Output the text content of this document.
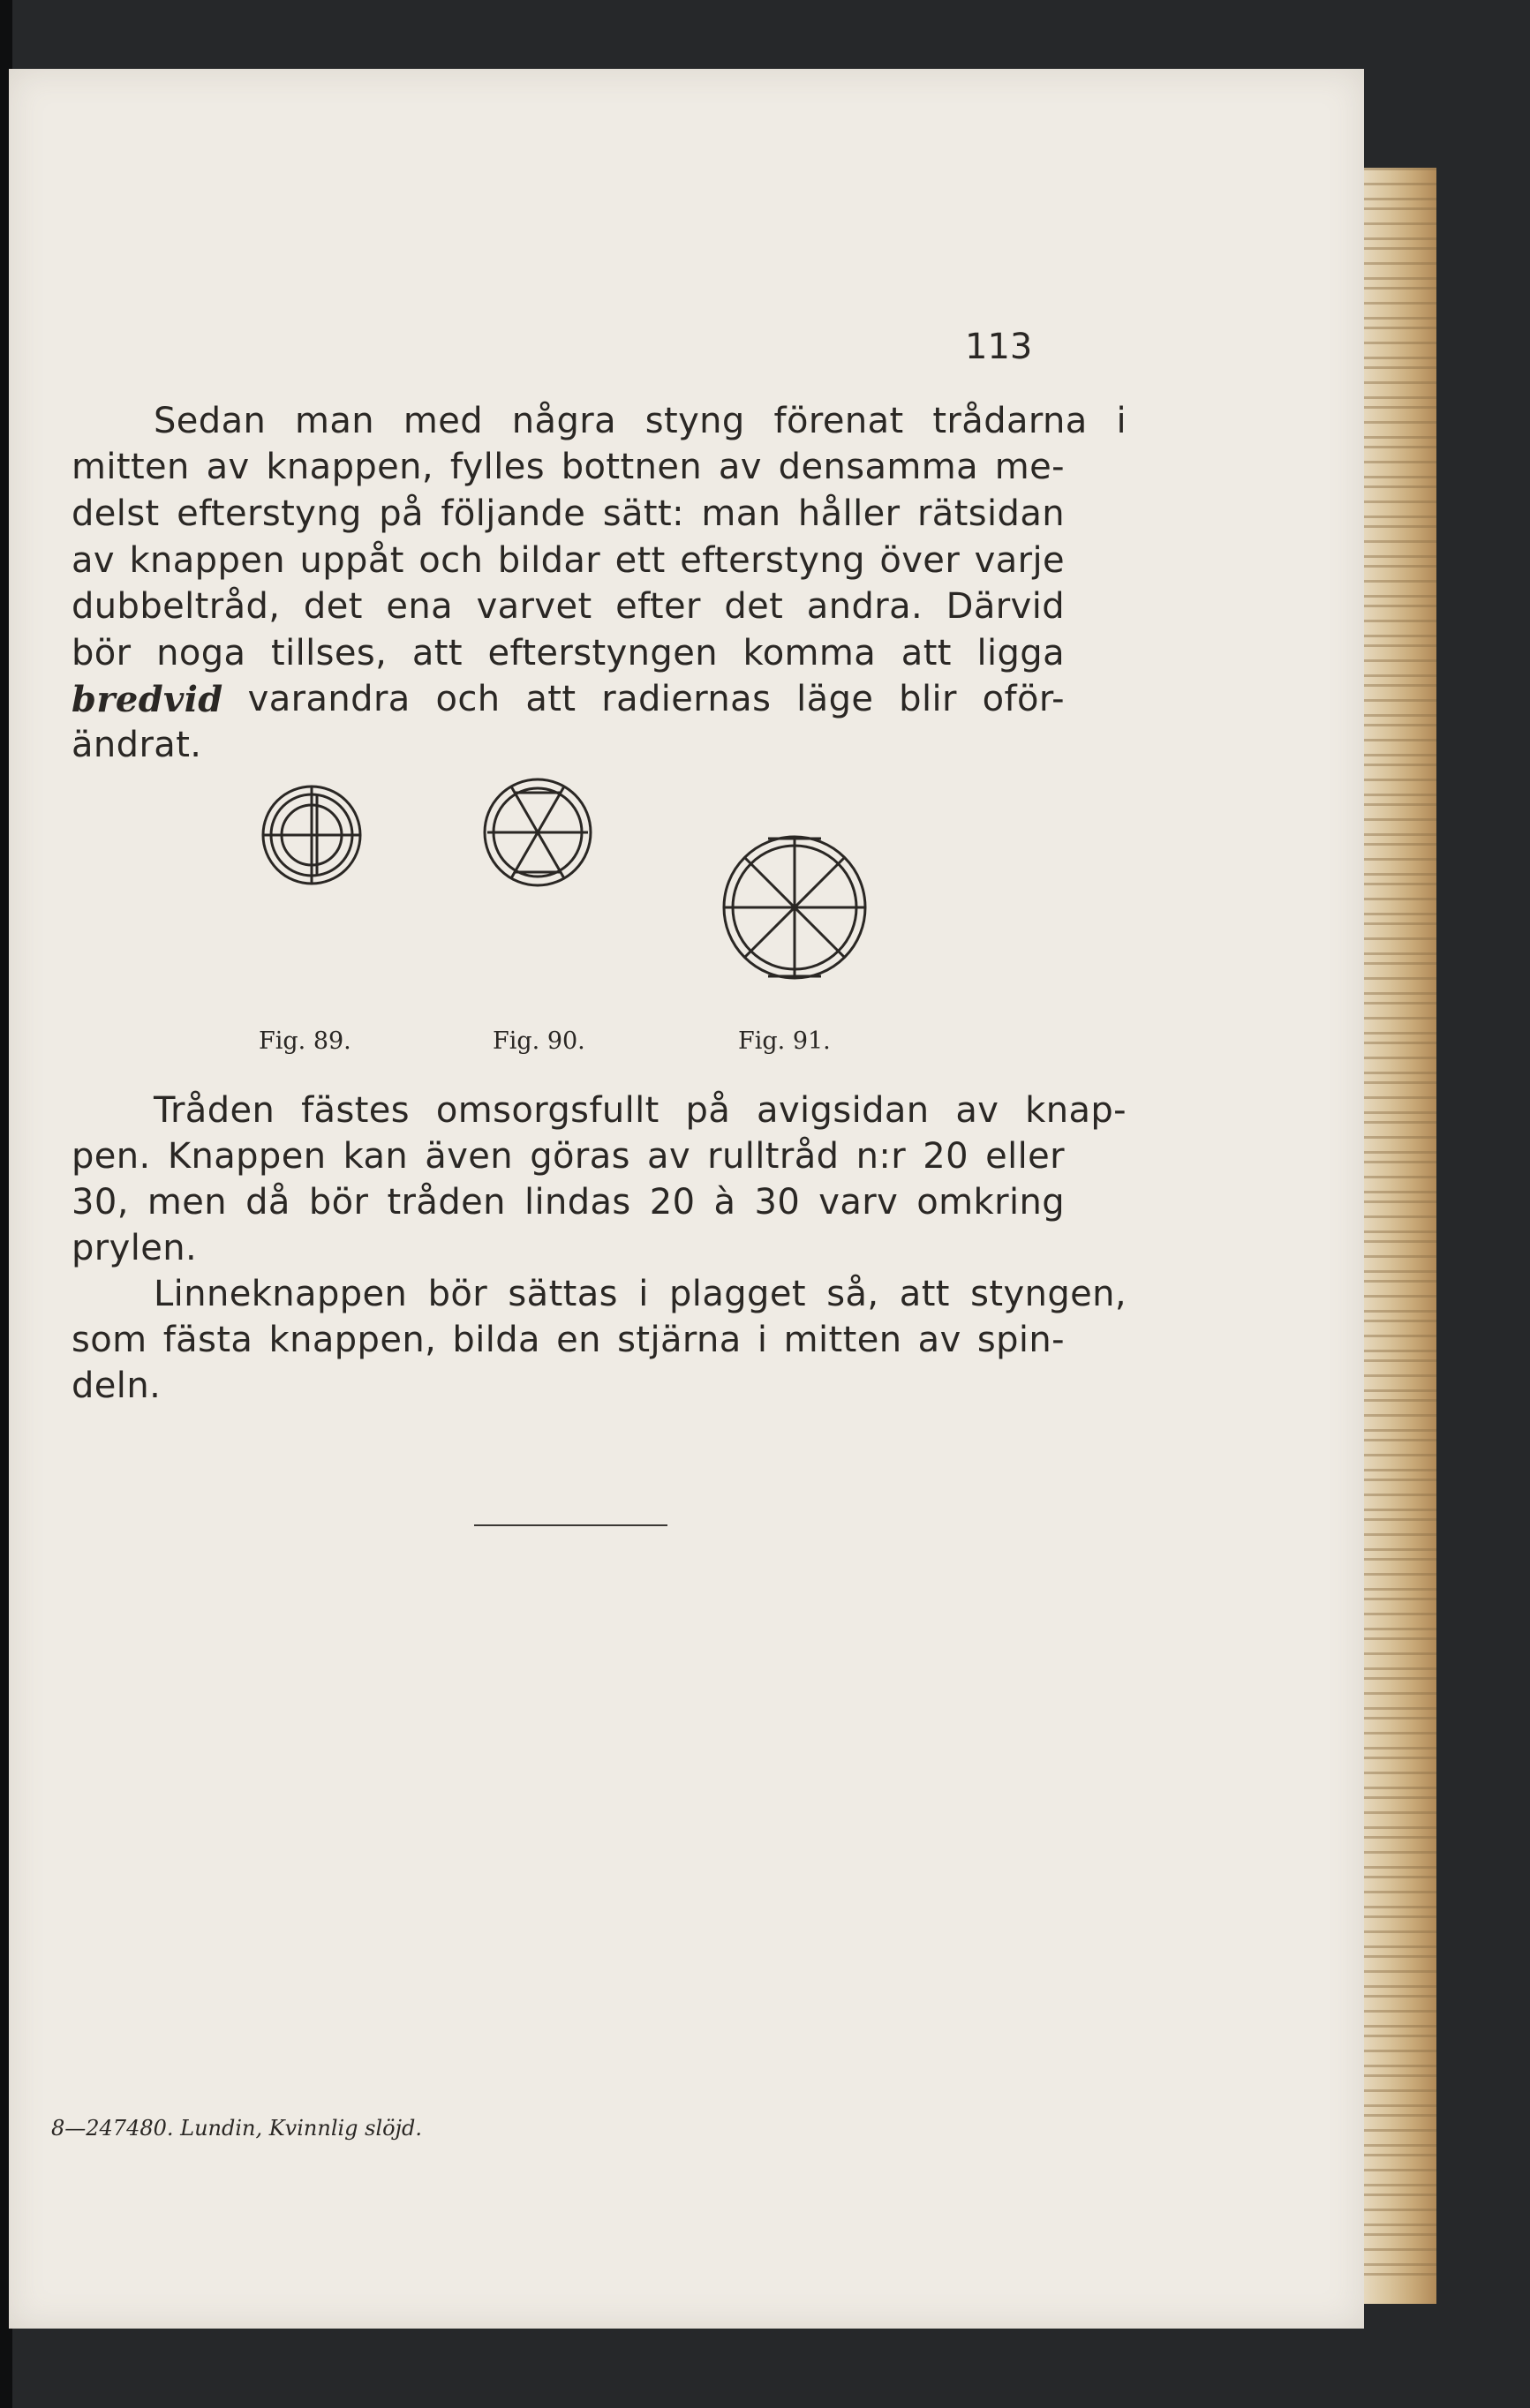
113
Sedan man med några styng förenat trådarna i
mitten av knappen, fylles bottnen av densamma me-
delst efterstyng på följande sätt: man håller rätsidan
av knappen uppåt och bildar ett efterstyng över varje
dubbeltråd, det ena varvet efter det andra. Därvid
bör noga tillses, att efterstyngen komma att ligga
bredvid varandra och att radiernas läge blir oför-
ändrat.
Fig. 89.	Fig. 90.	Fig. 91.
Tråden fästes omsorgsfullt på avigsidan av knap-
pen. Knappen kan även göras av rulltråd n:r 20 eller
30, men då bör tråden lindas 20 à 30 varv omkring
prylen.
Linneknappen bör sättas i plagget så, att styngen,
som fästa knappen, bilda en stjärna i mitten av spin-
deln.
8—247480. Lundin, Kvinnlig slöjd.
